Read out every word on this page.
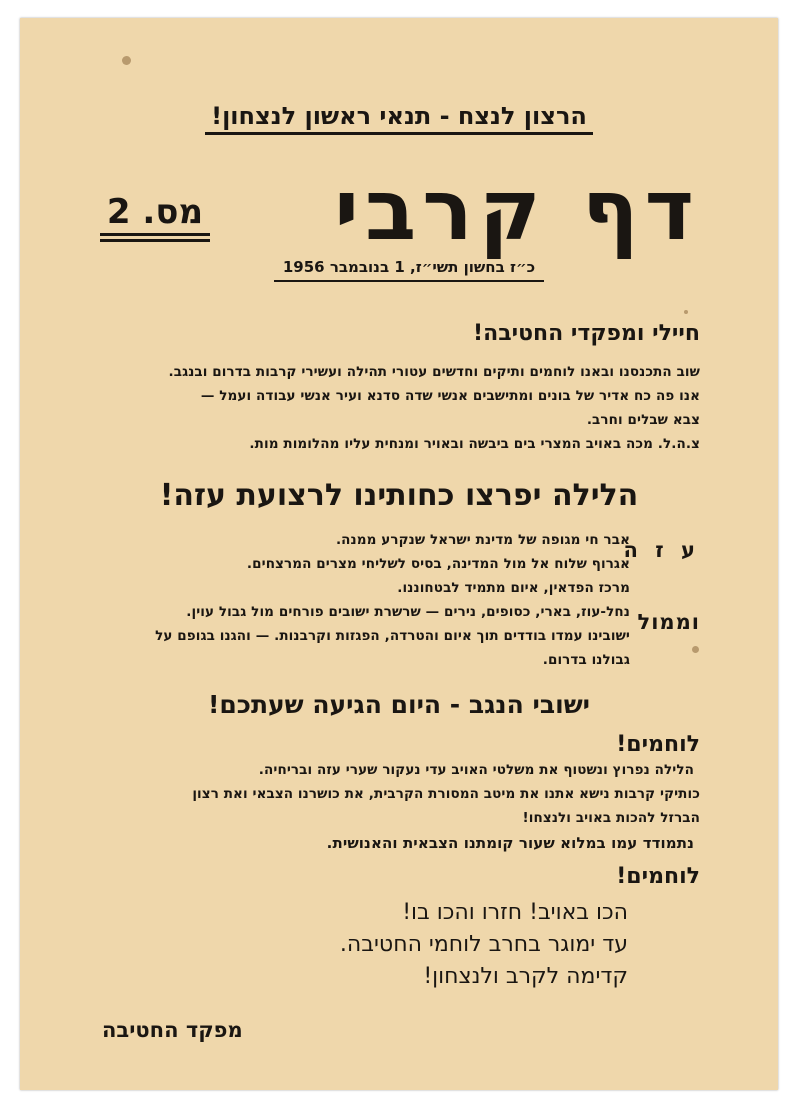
הרצון לנצח - תנאי ראשון לנצחון!
דף קרבי
מס. 2
כ״ז בחשון תשי״ז, 1 בנובמבר 1956
חיילי ומפקדי החטיבה!
שוב התכנסנו ובאנו לוחמים ותיקים וחדשים עטורי תהילה ועשירי קרבות בדרום ובנגב.
אנו פה כח אדיר של בונים ומתישבים אנשי שדה סדנא ועיר אנשי עבודה ועמל —
צבא שבלים וחרב.
צ.ה.ל. מכה באויב המצרי בים ביבשה ובאויר ומנחית עליו מהלומות מות.
הלילה יפרצו כחותינו לרצועת עזה!
ע ז ה
אבר חי מגופה של מדינת ישראל שנקרע ממנה.
אגרוף שלוח אל מול המדינה, בסיס לשליחי מצרים המרצחים.
מרכז הפדאין, איום מתמיד לבטחוננו.
וממול
נחל-עוז, בארי, כסופים, נירים — שרשרת ישובים פורחים מול גבול עוין.
ישובינו עמדו בודדים תוך איום והטרדה, הפגזות וקרבנות. — והגנו בגופם על
גבולנו בדרום.
ישובי הנגב - היום הגיעה שעתכם!
לוחמים!
הלילה נפרוץ ונשטוף את משלטי האויב עדי נעקור שערי עזה ובריחיה.
כותיקי קרבות נישא אתנו את מיטב המסורת הקרבית, את כושרנו הצבאי ואת רצון
הברזל להכות באויב ולנצחו!
נתמודד עמו במלוא שעור קומתנו הצבאית והאנושית.
לוחמים!
הכו באויב! חזרו והכו בו!
עד ימוגר בחרב לוחמי החטיבה.
קדימה לקרב ולנצחון!
מפקד החטיבה
